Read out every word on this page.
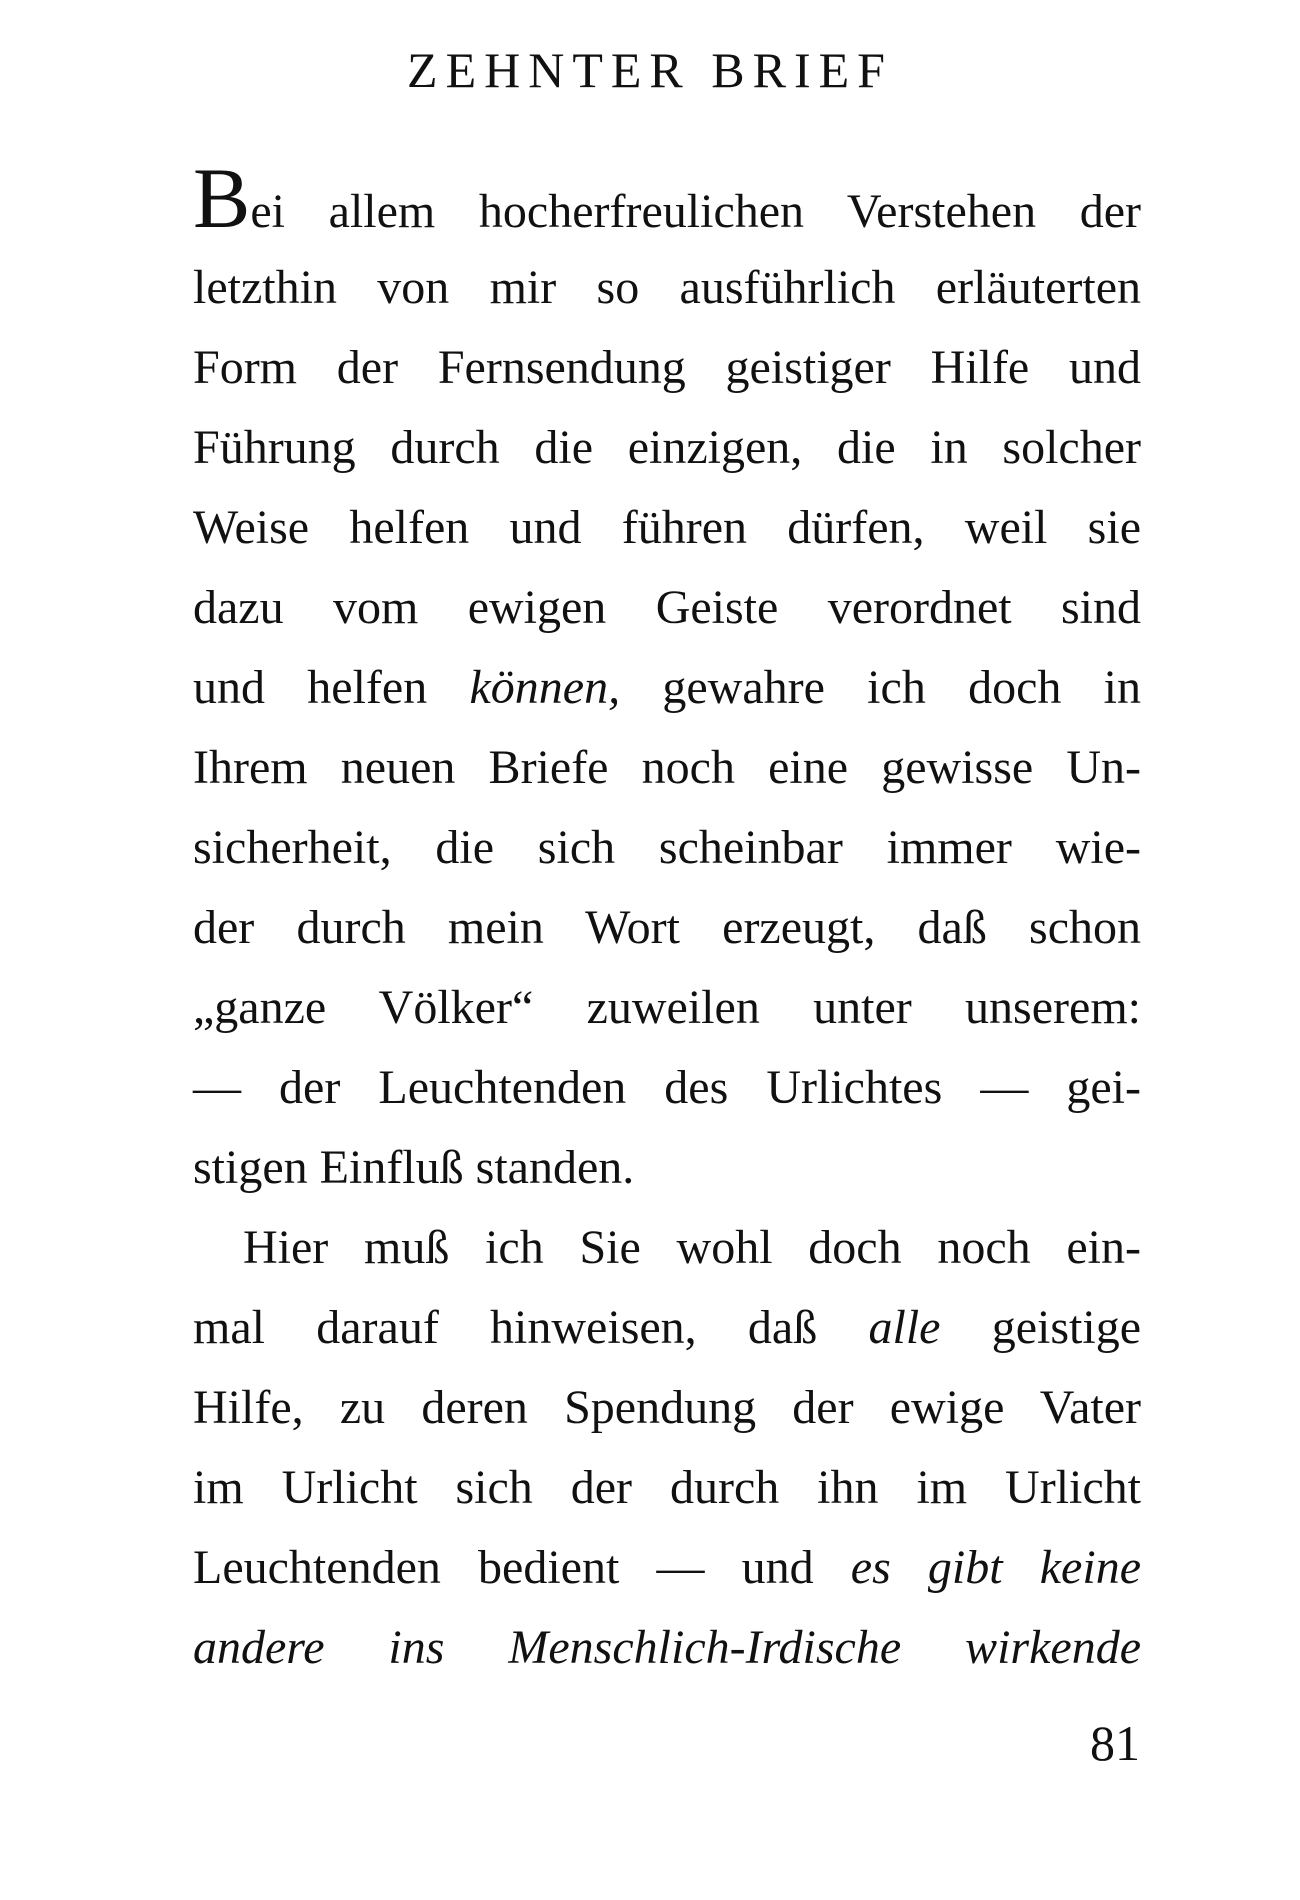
ZEHNTER BRIEF
Bei allem hocherfreulichen Verstehen der
letzthin von mir so ausführlich erläuterten
Form der Fernsendung geistiger Hilfe und
Führung durch die einzigen, die in solcher
Weise helfen und führen dürfen, weil sie
dazu vom ewigen Geiste verordnet sind
und helfen können, gewahre ich doch in
Ihrem neuen Briefe noch eine gewisse Un-
sicherheit, die sich scheinbar immer wie-
der durch mein Wort erzeugt, daß schon
„ganze Völker“ zuweilen unter unserem:
— der Leuchtenden des Urlichtes — gei-
stigen Einfluß standen.
Hier muß ich Sie wohl doch noch ein-
mal darauf hinweisen, daß alle geistige
Hilfe, zu deren Spendung der ewige Vater
im Urlicht sich der durch ihn im Urlicht
Leuchtenden bedient — und es gibt keine
andere ins Menschlich-Irdische wirkende
81
